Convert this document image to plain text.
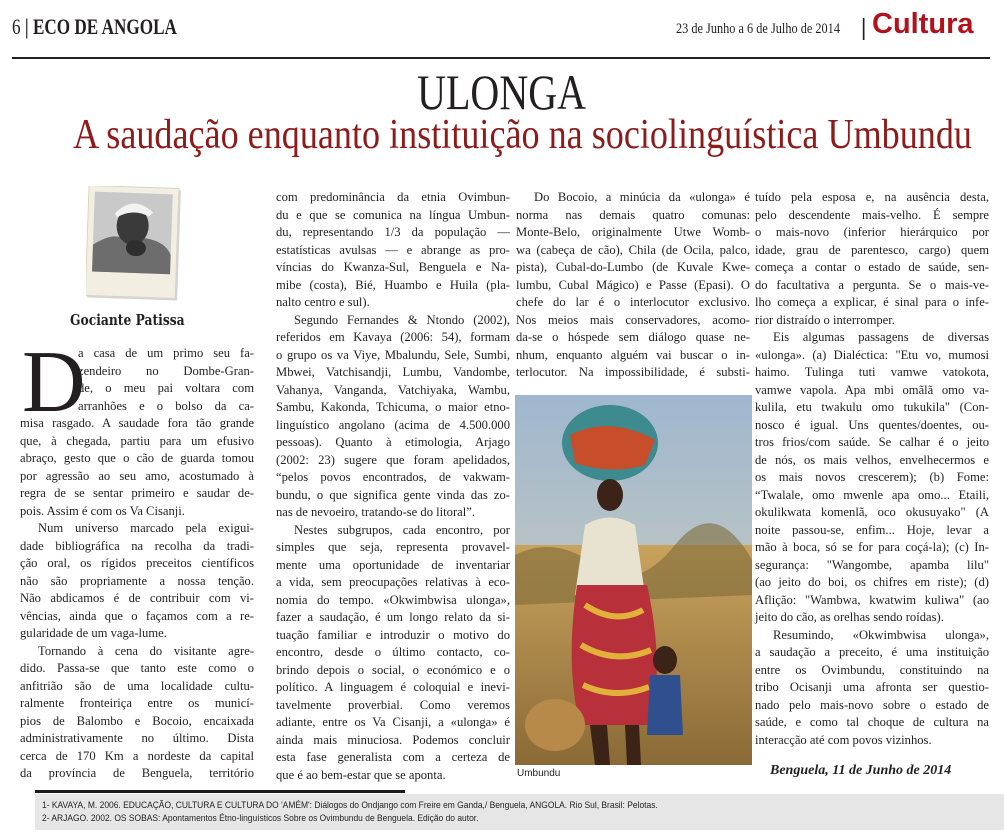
6 | ECO DE ANGOLA	23 de Junho a 6 de Julho de 2014 | Cultura
ULONGA
A saudação enquanto instituição na sociolinguística Umbundu
Gociante Patissa
D
a casa de um primo seu fa-
zendeiro no Dombe-Gran-
de, o meu pai voltara com
arranhões e o bolso da ca-
misa rasgado. A saudade fora tão grande
que, à chegada, partiu para um efusivo
abraço, gesto que o cão de guarda tomou
por agressão ao seu amo, acostumado à
regra de se sentar primeiro e saudar de-
pois. Assim é com os Va Cisanji.
Num universo marcado pela exigui-
dade bibliográfica na recolha da tradi-
ção oral, os rígidos preceitos científicos
não são propriamente a nossa tenção.
Não abdicamos é de contribuir com vi-
vências, ainda que o façamos com a re-
gularidade de um vaga-lume.
Tornando à cena do visitante agre-
dido. Passa-se que tanto este como o
anfitrião são de uma localidade cultu-
ralmente fronteiriça entre os municí-
pios de Balombo e Bocoio, encaixada
administrativamente no último. Dista
cerca de 170 Km a nordeste da capital
da província de Benguela, território
com predominância da etnia Ovimbun-
du e que se comunica na língua Umbun-
du, representando 1/3 da população —
estatísticas avulsas — e abrange as pro-
víncias do Kwanza-Sul, Benguela e Na-
mibe (costa), Bié, Huambo e Huila (pla-
nalto centro e sul).
Segundo Fernandes & Ntondo (2002),
referidos em Kavaya (2006: 54), formam
o grupo os va Viye, Mbalundu, Sele, Sumbi,
Mbwei, Vatchisandji, Lumbu, Vandombe,
Vahanya, Vanganda, Vatchiyaka, Wambu,
Sambu, Kakonda, Tchicuma, o maior etno-
linguístico angolano (acima de 4.500.000
pessoas). Quanto à etimologia, Arjago
(2002: 23) sugere que foram apelidados,
“pelos povos encontrados, de vakwam-
bundu, o que significa gente vinda das zo-
nas de nevoeiro, tratando-se do litoral”.
Nestes subgrupos, cada encontro, por
simples que seja, representa provavel-
mente uma oportunidade de inventariar
a vida, sem preocupações relativas à eco-
nomia do tempo. «Okwimbwisa ulonga»,
fazer a saudação, é um longo relato da si-
tuação familiar e introduzir o motivo do
encontro, desde o último contacto, co-
brindo depois o social, o económico e o
político. A linguagem é coloquial e inevi-
tavelmente proverbial. Como veremos
adiante, entre os Va Cisanji, a «ulonga» é
ainda mais minuciosa. Podemos concluir
esta fase generalista com a certeza de
que é ao bem-estar que se aponta.
Do Bocoio, a minúcia da «ulonga» é
norma nas demais quatro comunas:
Monte-Belo, originalmente Utwe Womb-
wa (cabeça de cão), Chila (de Ocila, palco,
pista), Cubal-do-Lumbo (de Kuvale Kwe-
lumbu, Cubal Mágico) e Passe (Epasi). O
chefe do lar é o interlocutor exclusivo.
Nos meios mais conservadores, acomo-
da-se o hóspede sem diálogo quase ne-
nhum, enquanto alguém vai buscar o in-
terlocutor. Na impossibilidade, é substi-
tuído pela esposa e, na ausência desta,
pelo descendente mais-velho. É sempre
o mais-novo (inferior hierárquico por
idade, grau de parentesco, cargo) quem
começa a contar o estado de saúde, sen-
do facultativa a pergunta. Se o mais-ve-
lho começa a explicar, é sinal para o infe-
rior distraído o interromper.
Eis algumas passagens de diversas
«ulonga». (a) Dialéctica: "Etu vo, mumosi
haimo. Tulinga tuti vamwe vatokota,
vamwe vapola. Apa mbi omãlã omo va-
kulila, etu twakulu omo tukukila" (Con-
nosco é igual. Uns quentes/doentes, ou-
tros frios/com saúde. Se calhar é o jeito
de nós, os mais velhos, envelhecermos e
os mais novos crescerem); (b) Fome:
“Twalale, omo mwenle apa omo... Etaili,
okulikwata komenlã, oco okusuyako" (A
noite passou-se, enfim... Hoje, levar a
mão à boca, só se for para coçá-la); (c) In-
segurança: "Wangombe, apamba lilu"
(ao jeito do boi, os chifres em riste); (d)
Aflição: "Wambwa, kwatwim kuliwa" (ao
jeito do cão, as orelhas sendo roídas).
Resumindo, «Okwimbwisa ulonga»,
a saudação a preceito, é uma instituição
entre os Ovimbundu, constituindo na
tribo Ocisanji uma afronta ser questio-
nado pelo mais-novo sobre o estado de
saúde, e como tal choque de cultura na
interacção até com povos vizinhos.
Umbundu	Benguela, 11 de Junho de 2014
1- KAVAYA, M. 2006. EDUCAÇÃO, CULTURA E CULTURA DO 'AMÉM': Diálogos do Ondjango com Freire em Ganda,/ Benguela, ANGOLA. Rio Sul, Brasil: Pelotas.
2- ARJAGO. 2002. OS SOBAS: Apontamentos Étno-linguísticos Sobre os Ovimbundu de Benguela. Edição do autor.
